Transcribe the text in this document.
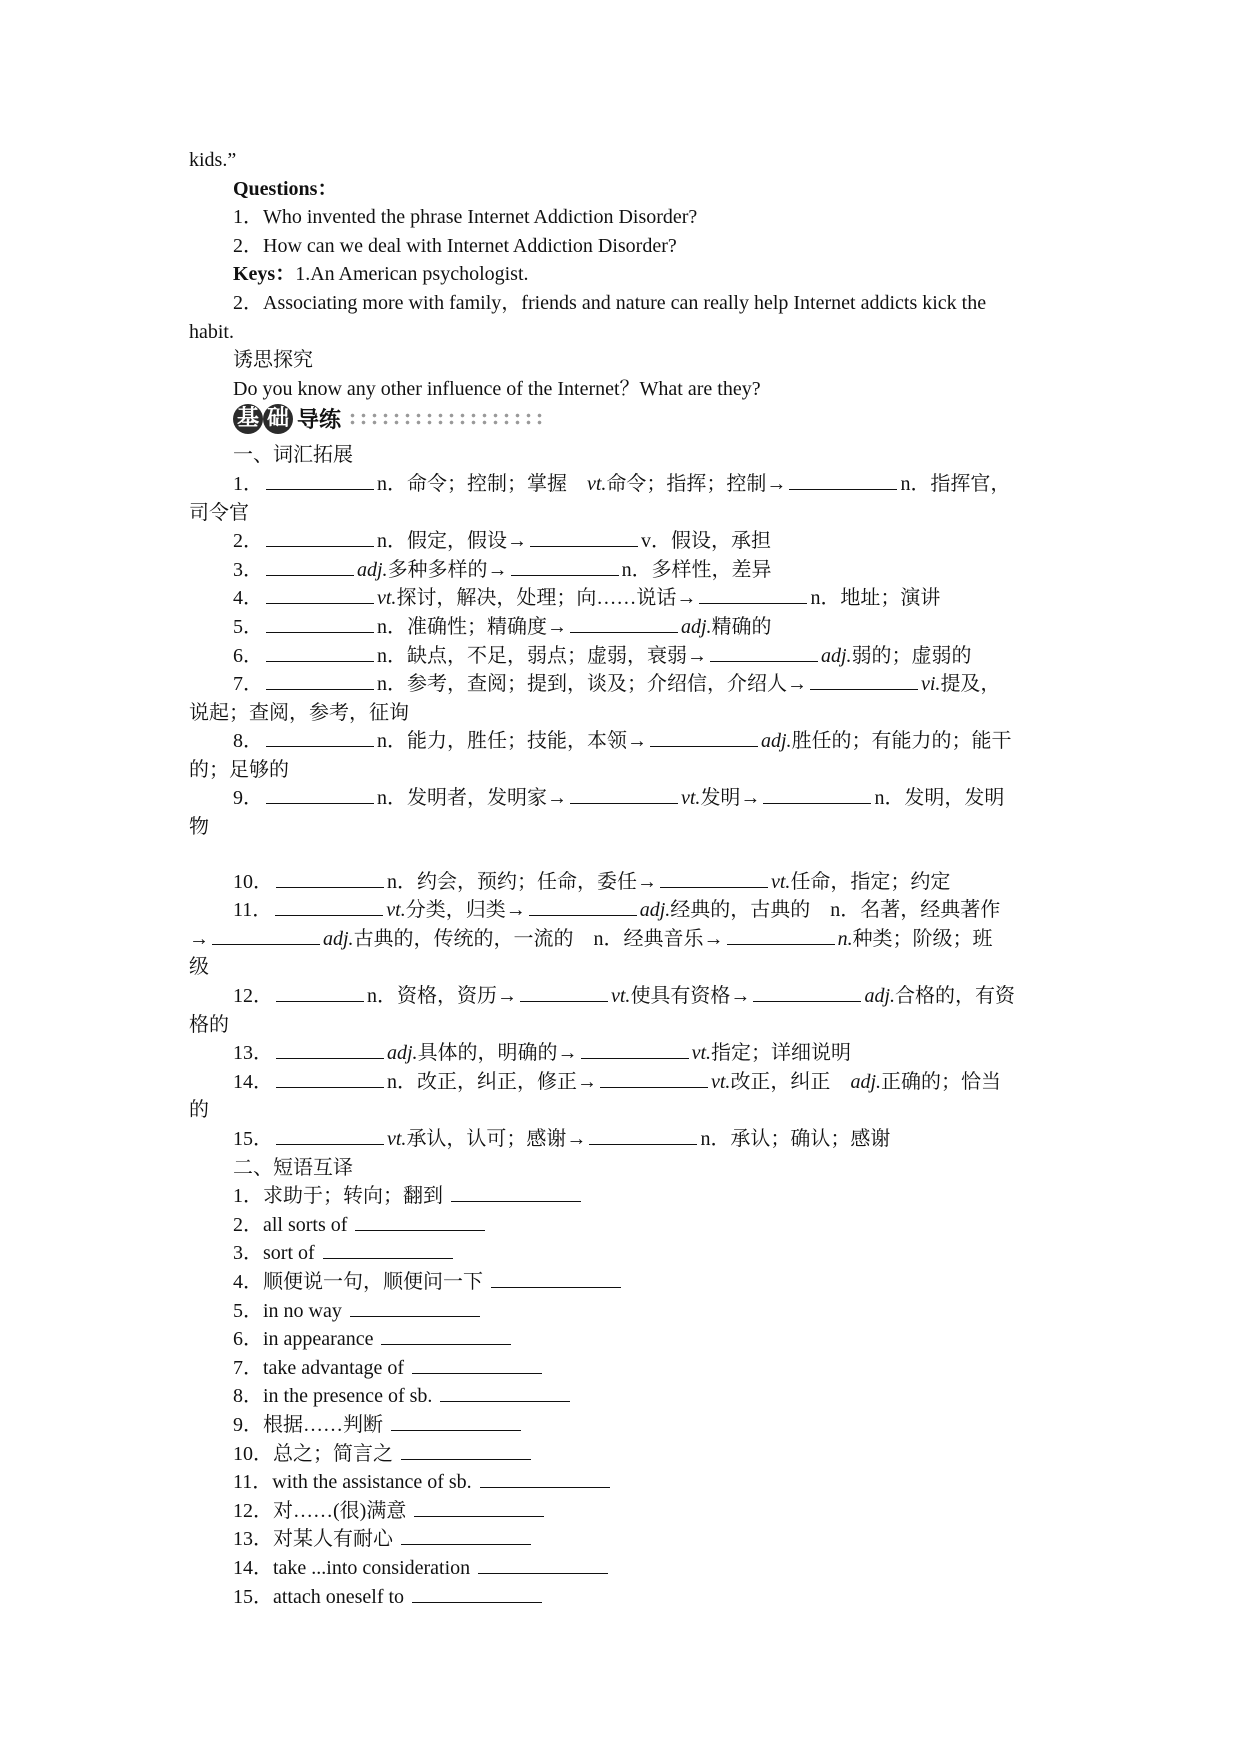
kids.”
Questions：
1．Who invented the phrase Internet Addiction Disorder?
2．How can we deal with Internet Addiction Disorder?
Keys：1.An American psychologist.
2．Associating more with family，friends and nature can really help Internet addicts kick the
habit.
诱思探究
Do you know any other influence of the Internet？What are they?
基 础 导练
一、词汇拓展
1．	n．命令；控制；掌握　vt.命令；指挥；控制→	n．指挥官，
司令官
2．	n．假定，假设→	v．假设，承担
3．	adj.多种多样的→	n．多样性，差异
4．	vt.探讨，解决，处理；向……说话→	n．地址；演讲
5．	n．准确性；精确度→	adj.精确的
6．	n．缺点，不足，弱点；虚弱，衰弱→	adj.弱的；虚弱的
7．	n．参考，查阅；提到，谈及；介绍信，介绍人→	vi.提及，
说起；查阅，参考，征询
8．	n．能力，胜任；技能，本领→	adj.胜任的；有能力的；能干
的；足够的
9．	n．发明者，发明家→	vt.发明→	n．发明，发明
物
10．	n．约会，预约；任命，委任→	vt.任命，指定；约定
11．	vt.分类，归类→	adj.经典的，古典的　n．名著，经典著作
→	adj.古典的，传统的，一流的　n．经典音乐→	n.种类；阶级；班
级
12．	n．资格，资历→	vt.使具有资格→	adj.合格的，有资
格的
13．	adj.具体的，明确的→	vt.指定；详细说明
14．	n．改正，纠正，修正→	vt.改正，纠正　adj.正确的；恰当
的
15．	vt.承认，认可；感谢→	n．承认；确认；感谢
二、短语互译
1．求助于；转向；翻到
2．all sorts of
3．sort of
4．顺便说一句，顺便问一下
5．in no way
6．in appearance
7．take advantage of
8．in the presence of sb.
9．根据……判断
10．总之；简言之
11．with the assistance of sb.
12．对……(很)满意
13．对某人有耐心
14．take ...into consideration
15．attach oneself to
